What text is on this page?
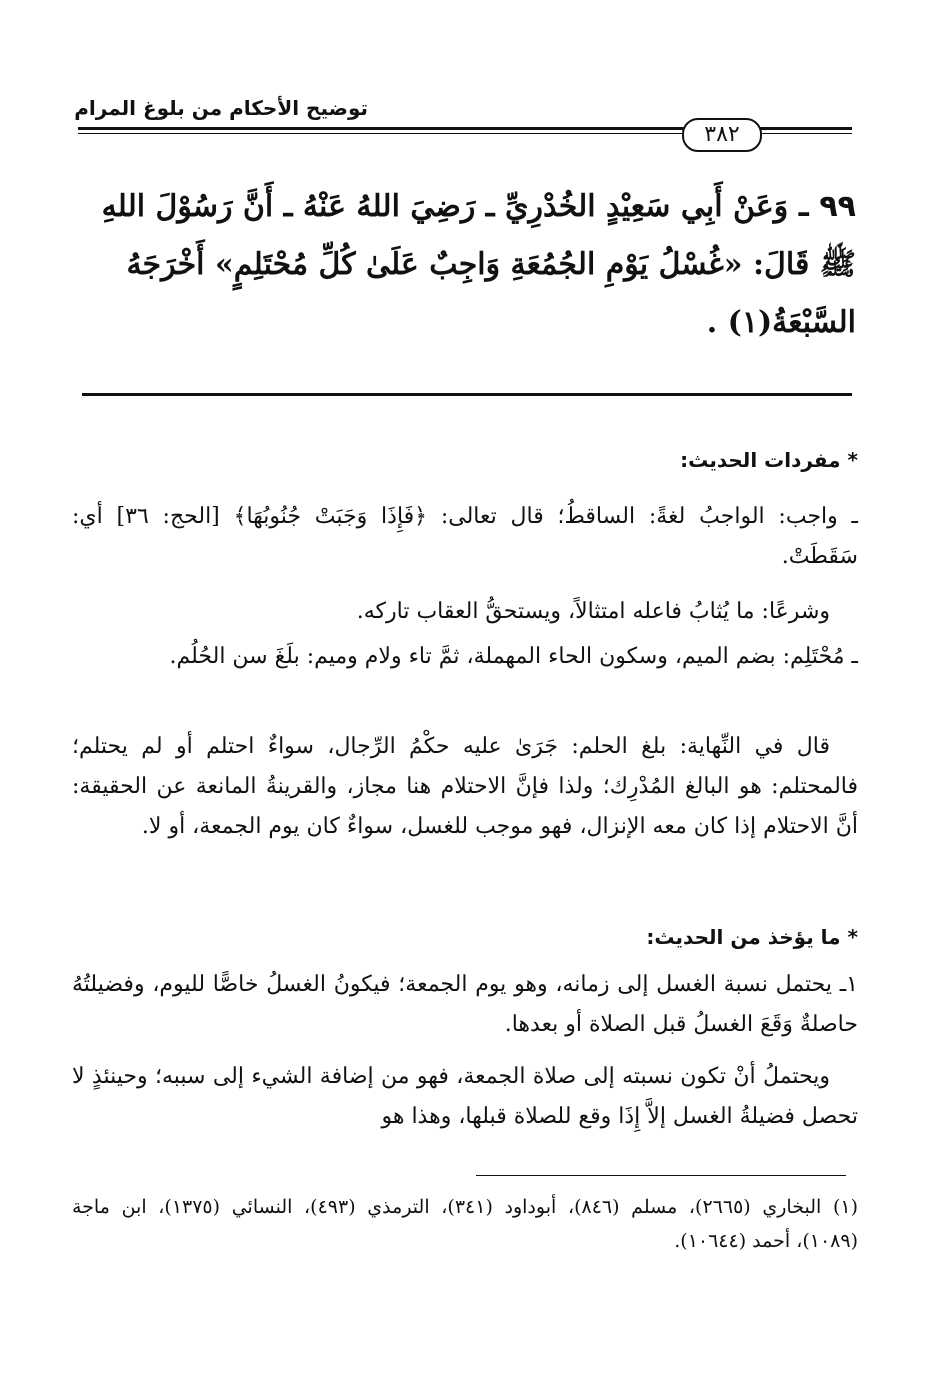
توضيح الأحكام من بلوغ المرام
٣٨٢
٩٩ ـ وَعَنْ أَبِي سَعِيْدٍ الخُدْرِيِّ ـ رَضِيَ اللهُ عَنْهُ ـ أَنَّ رَسُوْلَ اللهِ ﷺ قَالَ: «غُسْلُ يَوْمِ الجُمُعَةِ وَاجِبٌ عَلَىٰ كُلِّ مُحْتَلِمٍ» أَخْرَجَهُ السَّبْعَةُ(١) .
* مفردات الحديث:
ـ واجب: الواجبُ لغةً: الساقطُ؛ قال تعالى: ﴿فَإِذَا وَجَبَتْ جُنُوبُهَا﴾ [الحج: ٣٦] أي: سَقَطَتْ.
وشرعًا: ما يُثابُ فاعله امتثالاً، ويستحقُّ العقاب تاركه.
ـ مُحْتَلِم: بضم الميم، وسكون الحاء المهملة، ثمَّ تاء ولام وميم: بلَغَ سن الحُلُم.
قال في النِّهاية: بلغ الحلم: جَرَىٰ عليه حكْمُ الرِّجال، سواءٌ احتلم أو لم يحتلم؛ فالمحتلم: هو البالغ المُدْرِك؛ ولذا فإنَّ الاحتلام هنا مجاز، والقرينةُ المانعة عن الحقيقة: أنَّ الاحتلام إذا كان معه الإنزال، فهو موجب للغسل، سواءٌ كان يوم الجمعة، أو لا.
* ما يؤخذ من الحديث:
١ـ يحتمل نسبة الغسل إلى زمانه، وهو يوم الجمعة؛ فيكونُ الغسلُ خاصًّا لليوم، وفضيلتُهُ حاصلةٌ وَقَعَ الغسلُ قبل الصلاة أو بعدها.
ويحتملُ أنْ تكون نسبته إلى صلاة الجمعة، فهو من إضافة الشيء إلى سببه؛ وحينئذٍ لا تحصل فضيلةُ الغسل إلاَّ إِذَا وقع للصلاة قبلها، وهذا هو
(١) البخاري (٢٦٦٥)، مسلم (٨٤٦)، أبوداود (٣٤١)، الترمذي (٤٩٣)، النسائي (١٣٧٥)، ابن ماجة (١٠٨٩)، أحمد (١٠٦٤٤).
